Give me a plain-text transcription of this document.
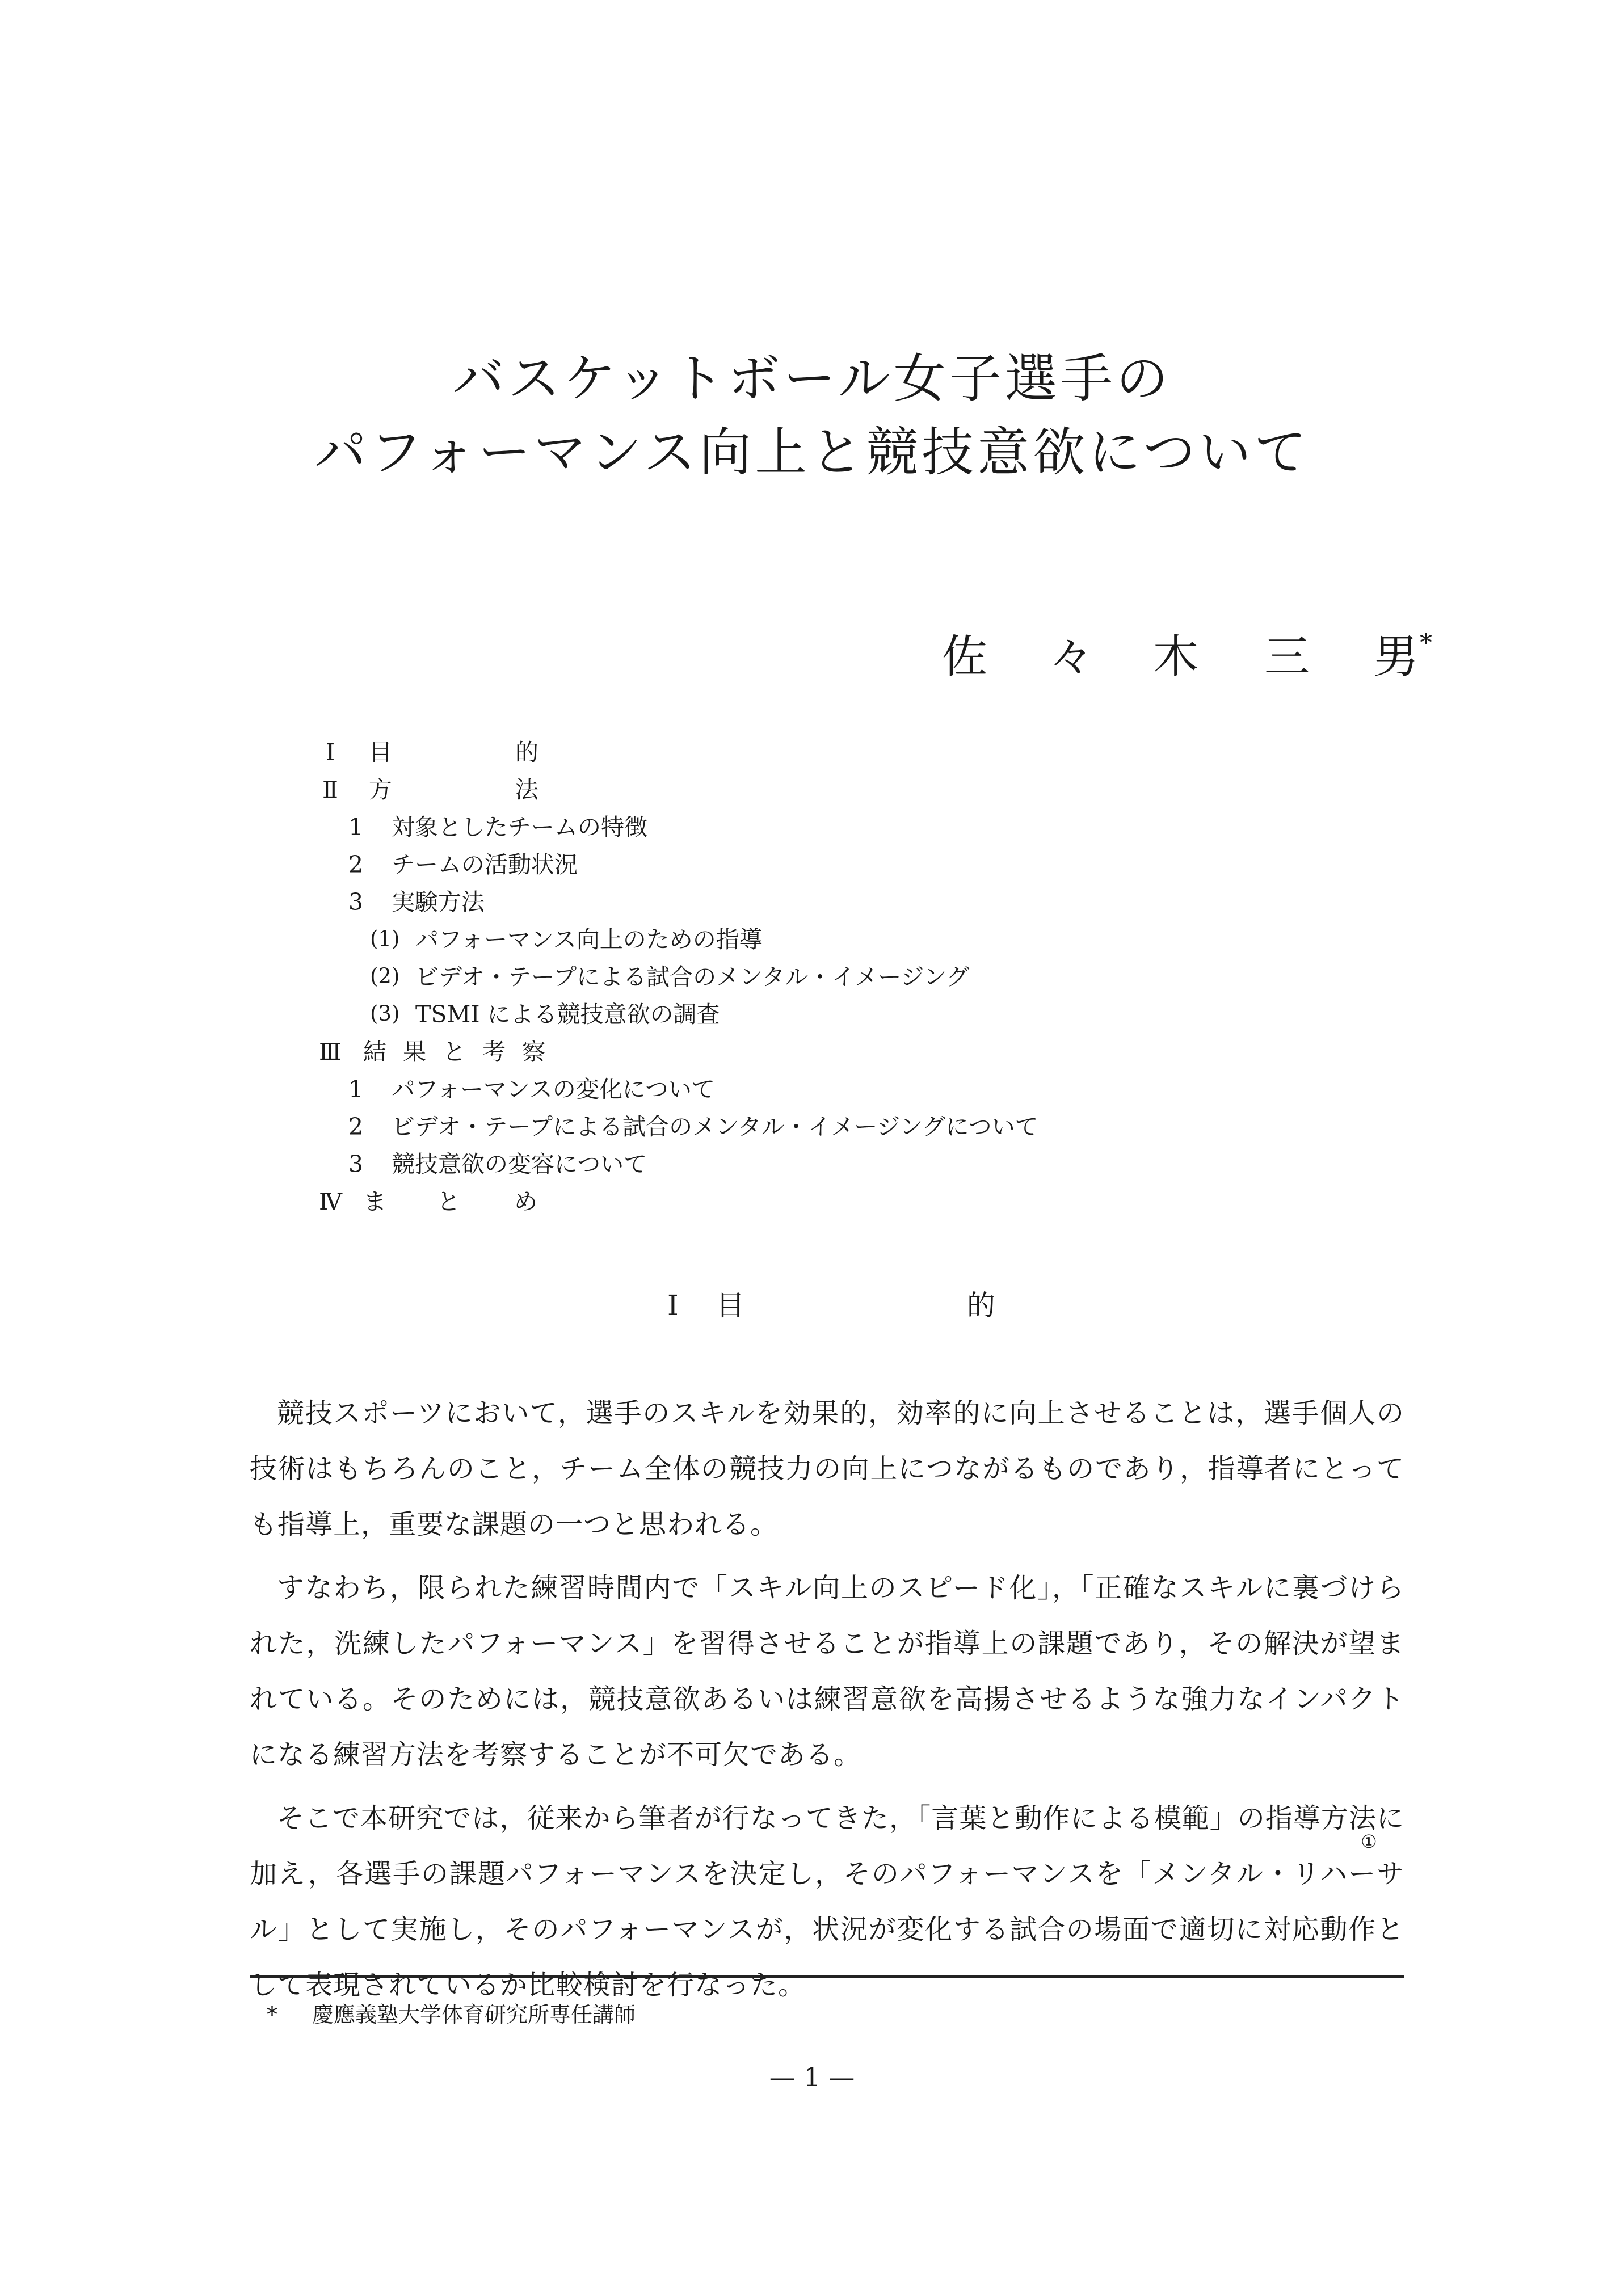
バスケットボール女子選手の
パフォーマンス向上と競技意欲について
佐 々 木 三 男 *
Ⅰ 目	的
Ⅱ 方	法
1 対象としたチームの特徴
2 チームの活動状況
3 実験方法
(1) パフォーマンス向上のための指導
(2) ビデオ・テープによる試合のメンタル・イメージング
(3) TSMI による競技意欲の調査
Ⅲ 結 果 と 考 察
1 パフォーマンスの変化について
2 ビデオ・テープによる試合のメンタル・イメージングについて
3 競技意欲の変容について
Ⅳ ま と め
Ⅰ 目	的

競技スポーツにおいて，選手のスキルを効果的，効率的に向上させることは，選手個人の技術はもちろんのこと，チーム全体の競技力の向上につながるものであり，指導者にとっても指導上，重要な課題の一つと思われる。

すなわち，限られた練習時間内で「スキル向上のスピード化」，「正確なスキルに裏づけられた，洗練したパフォーマンス」を習得させることが指導上の課題であり，その解決が望まれている。そのためには，競技意欲あるいは練習意欲を高揚させるような強力なインパクトになる練習方法を考察することが不可欠である。

そこで本研究では，従来から筆者が行なってきた，「言葉と動作による模範」の指導方法に加え，各選手の課題パフォーマンスを決定し，そのパフォーマンスを「メンタル・リハーサル」として実施し，そのパフォーマンスが，状況が変化する試合の場面で適切に対応動作として表現されているか比較検討を行なった。

①
* 慶應義塾大学体育研究所専任講師
— 1 —
